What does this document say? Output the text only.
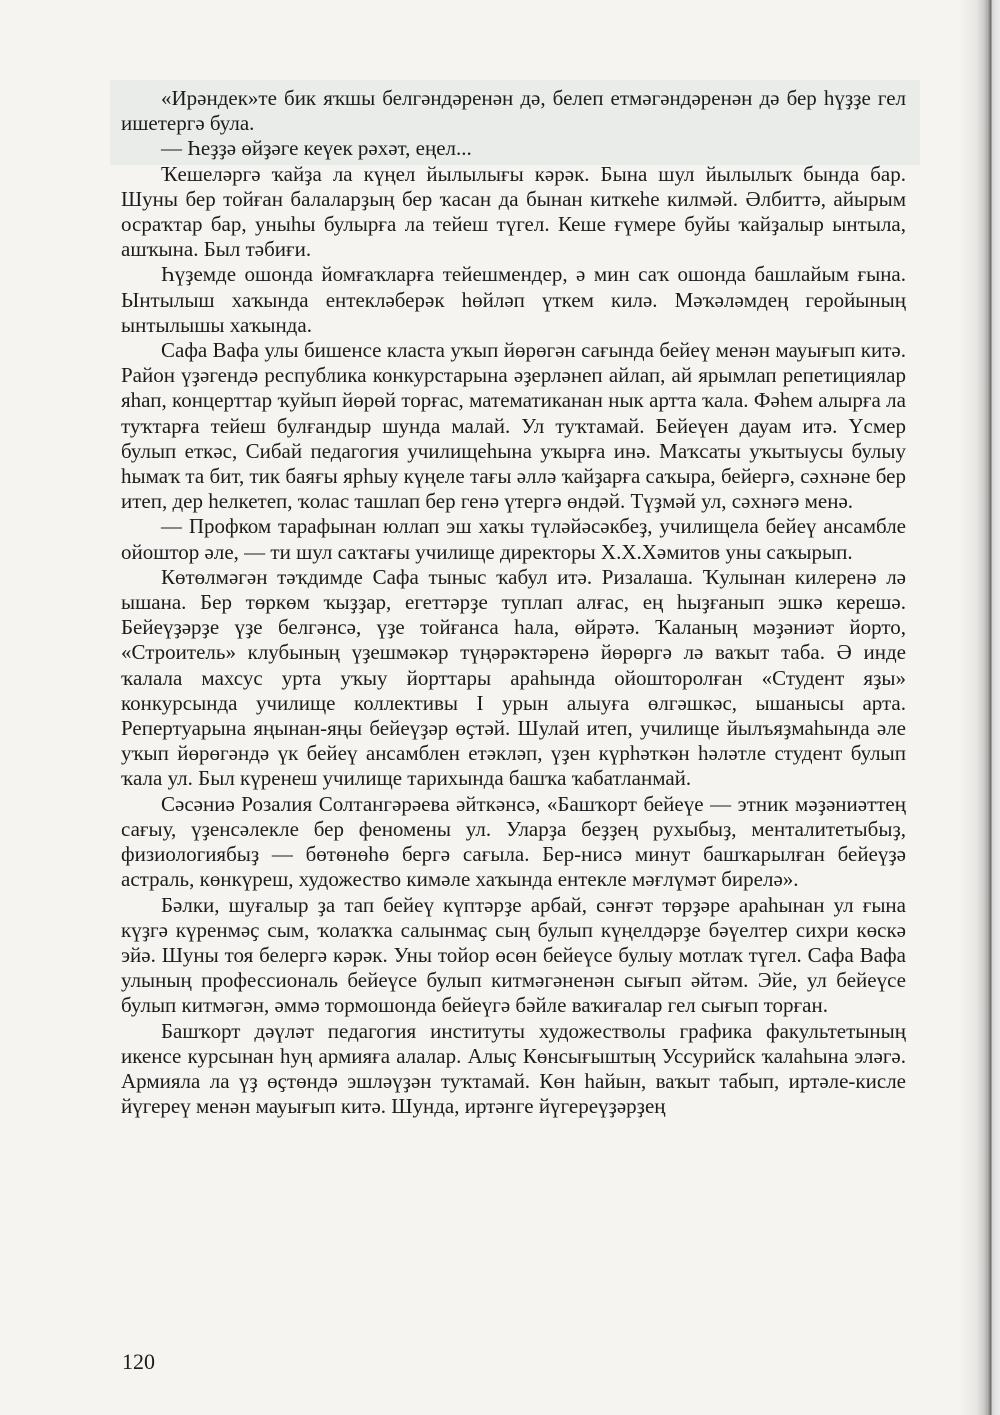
«Ирәндек»те бик яҡшы белгәндәренән дә, белеп етмәгәндәренән дә бер һүҙҙе гел ишетергә була.

— Һеҙҙә өйҙәге кеүек рәхәт, еңел...

Ҡешеләргә ҡайҙа ла күңел йылылығы кәрәк. Бына шул йылылыҡ бында бар. Шуны бер тойған балаларҙың бер ҡасан да бынан киткеһе килмәй. Әлбиттә, айырым осраҡтар бар, уныһы булырға ла тейеш түгел. Кеше ғүмере буйы ҡайҙалыр ынтыла, ашҡына. Был тәбиғи.

Һүҙемде ошонда йомғаҡларға тейешмендер, ә мин саҡ ошонда башлайым ғына. Ынтылыш хаҡында ентекләберәк һөйләп үткем килә. Мәҡәләмдең геройының ынтылышы хаҡында.

Сафа Вафа улы бишенсе класта уҡып йөрөгән сағында бейеү менән мауығып китә. Район үҙәгендә республика конкурстарына әҙерләнеп айлап, ай ярымлап репетициялар яһап, концерттар ҡуйып йөрөй торғас, математиканан нык артта ҡала. Фәһем алырға ла туҡтарға тейеш булғандыр шунда малай. Ул туҡтамай. Бейеүен дауам итә. Үсмер булып еткәс, Сибай педагогия училищеһына уҡырға инә. Маҡсаты уҡытыусы булыу һымаҡ та бит, тик баяғы ярһыу күңеле тағы әллә ҡайҙарға саҡыра, бейергә, сәхнәне бер итеп, дер һелкетеп, ҡолас ташлап бер генә үтергә өндәй. Түҙмәй ул, сәхнәгә менә.

— Профком тарафынан юллап эш хаҡы түләйәсәкбеҙ, училищела бейеү ансамбле ойоштор әле, — ти шул саҡтағы училище директоры Х.Х.Хәмитов уны саҡырып.

Көтөлмәгән тәҡдимде Сафа тыныс ҡабул итә. Ризалаша. Ҡулынан килеренә лә ышана. Бер төркөм ҡыҙҙар, егеттәрҙе туплап алғас, ең һыҙғанып эшкә керешә. Бейеүҙәрҙе үҙе белгәнсә, үҙе тойғанса һала, өйрәтә. Ҡаланың мәҙәниәт йорто, «Строитель» клубының үҙешмәкәр түңәрәктәренә йөрөргә лә ваҡыт таба. Ә инде ҡалала махсус урта уҡыу йорттары араһында ойошторолған «Студент яҙы» конкурсында училище коллективы I урын алыуға өлгәшкәс, ышанысы арта. Репертуарына яңынан-яңы бейеүҙәр өҫтәй. Шулай итеп, училище йылъяҙмаһында әле уҡып йөрөгәндә үк бейеү ансамблен етәкләп, үҙен күрһәткән һәләтле студент булып ҡала ул. Был күренеш училище тарихында башҡа ҡабатланмай.

Сәсәниә Розалия Солтангәрәева әйткәнсә, «Башҡорт бейеүе — этник мәҙәниәттең сағыу, үҙенсәлекле бер феномены ул. Уларҙа беҙҙең рухыбыҙ, менталитетыбыҙ, физиологиябыҙ — бөтөнөһө бергә сағыла. Бер-нисә минут башҡарылған бейеүҙә астраль, көнкүреш, художество кимәле хаҡында ентекле мәғлүмәт бирелә».

Бәлки, шуғалыр ҙа тап бейеү күптәрҙе арбай, сәнғәт төрҙәре араһынан ул ғына күҙгә күренмәҫ сым, ҡолаҡҡа салынмаҫ сың булып күңелдәрҙе бәүелтер сихри көскә эйә. Шуны тоя белергә кәрәк. Уны тойор өсөн бейеүсе булыу мотлаҡ түгел. Сафа Вафа улының профессиональ бейеүсе булып китмәгәненән сығып әйтәм. Эйе, ул бейеүсе булып китмәгән, әммә тормошонда бейеүгә бәйле ваҡиғалар гел сығып торған.

Башҡорт дәүләт педагогия институты художестволы графика факультетының икенсе курсынан һуң армияға алалар. Алыҫ Көнсығыштың Уссурийск ҡалаһына эләгә. Армияла ла үҙ өҫтөндә эшләүҙән туҡтамай. Көн һайын, ваҡыт табып, иртәле-кисле йүгереү менән мауығып китә. Шунда, иртәнге йүгереүҙәрҙең

120
